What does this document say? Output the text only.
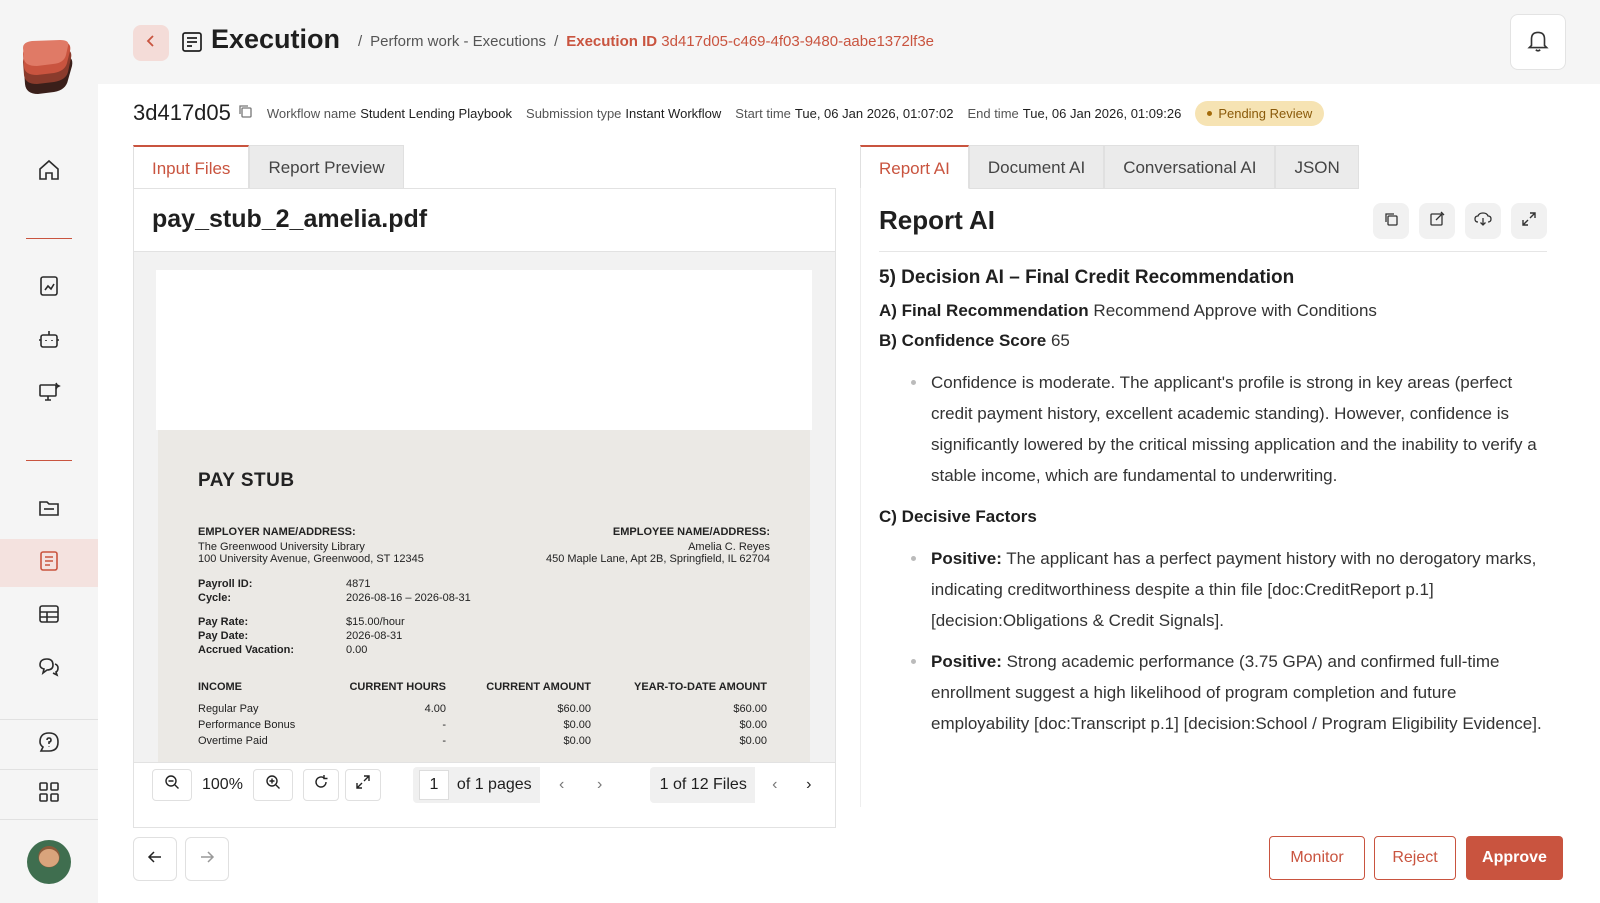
Execution	/ Perform work - Executions / Execution ID 3d417d05-c469-4f03-9480-aabe1372lf3e
3d417d05	Workflow name Student Lending Playbook Submission type Instant Workflow Start time Tue, 06 Jan 2026, 01:07:02 End time Tue, 06 Jan 2026, 01:09:26	Pending Review
Input Files	Report Preview
pay_stub_2_amelia.pdf
PAY STUB
EMPLOYER NAME/ADDRESS:
The Greenwood University Library
100 University Avenue, Greenwood, ST 12345
EMPLOYEE NAME/ADDRESS:
Amelia C. Reyes
450 Maple Lane, Apt 2B, Springfield, IL 62704
Payroll ID:	4871
Cycle:	2026-08-16 – 2026-08-31
Pay Rate:	$15.00/hour
Pay Date:	2026-08-31
Accrued Vacation:	0.00
INCOME	CURRENT HOURS	CURRENT AMOUNT	YEAR-TO-DATE AMOUNT
Regular Pay	4.00	$60.00	$60.00
Performance Bonus	-	$0.00	$0.00
Overtime Paid	-	$0.00	$0.00
100%	1	of 1 pages	‹	›	1 of 12 Files	‹	›
Report AI	Document AI	Conversational AI	JSON
Report AI
5) Decision AI – Final Credit Recommendation

A) Final Recommendation Recommend Approve with Conditions

B) Confidence Score 65

Confidence is moderate. The applicant's profile is strong in key areas (perfect credit payment history, excellent academic standing). However, confidence is significantly lowered by the critical missing application and the inability to verify a stable income, which are fundamental to underwriting.

C) Decisive Factors

Positive: The applicant has a perfect payment history with no derogatory marks, indicating creditworthiness despite a thin file [doc:CreditReport p.1] [decision:Obligations & Credit Signals].
Positive: Strong academic performance (3.75 GPA) and confirmed full-time enrollment suggest a high likelihood of program completion and future employability [doc:Transcript p.1] [decision:School / Program Eligibility Evidence].
Monitor	Reject	Approve
